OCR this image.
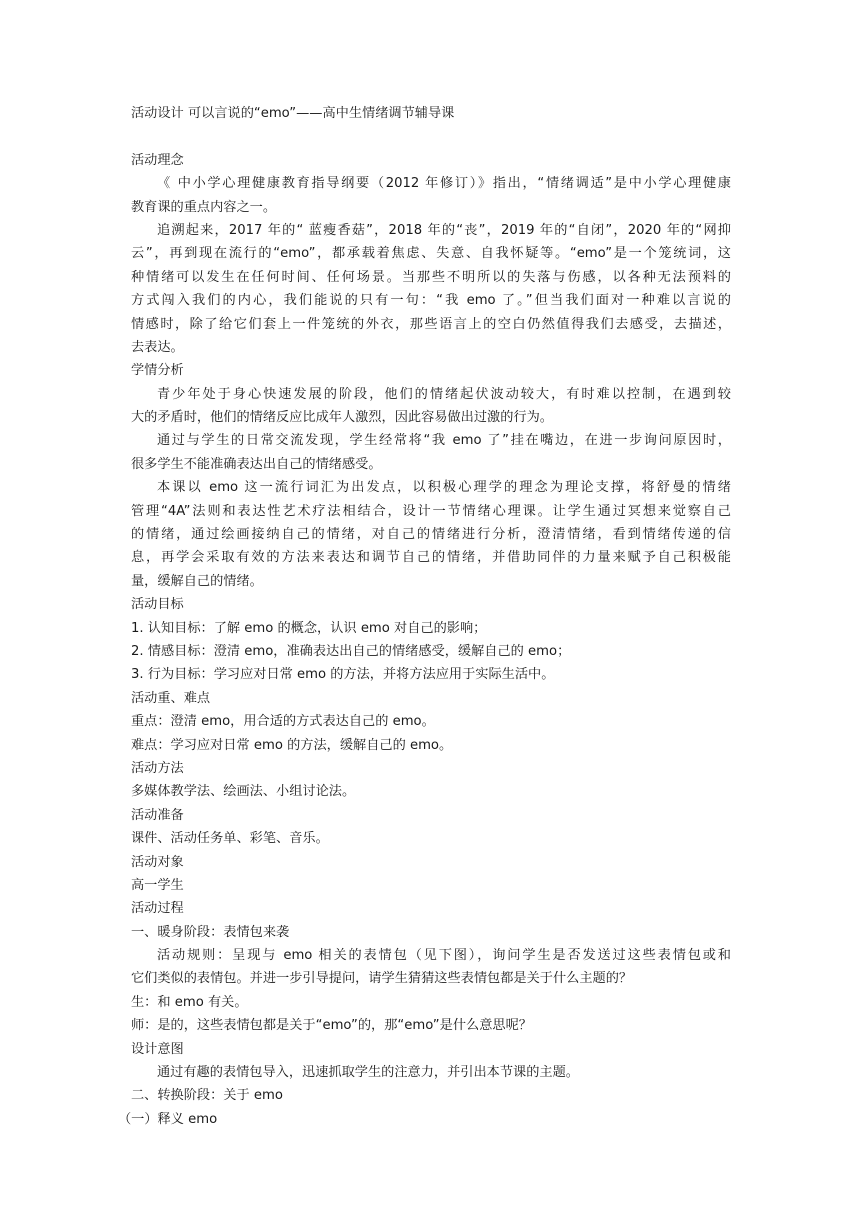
活动设计 可以言说的“emo”——高中生情绪调节辅导课
活动理念
《 中小学心理健康教育指导纲要（2012 年修订）》指出，“情绪调适”是中小学心理健康
教育课的重点内容之一。
追溯起来，2017 年的“ 蓝瘦香菇”，2018 年的“丧”，2019 年的“自闭”，2020 年的“网抑
云”，再到现在流行的“emo”，都承载着焦虑、失意、自我怀疑等。“emo”是一个笼统词，这
种情绪可以发生在任何时间、任何场景。当那些不明所以的失落与伤感，以各种无法预料的
方式闯入我们的内心，我们能说的只有一句：“我 emo 了。”但当我们面对一种难以言说的
情感时，除了给它们套上一件笼统的外衣，那些语言上的空白仍然值得我们去感受，去描述，
去表达。
学情分析
青少年处于身心快速发展的阶段，他们的情绪起伏波动较大，有时难以控制，在遇到较
大的矛盾时，他们的情绪反应比成年人激烈，因此容易做出过激的行为。
通过与学生的日常交流发现，学生经常将“我 emo 了”挂在嘴边，在进一步询问原因时，
很多学生不能准确表达出自己的情绪感受。
本课以 emo 这一流行词汇为出发点，以积极心理学的理念为理论支撑，将舒曼的情绪
管理“4A”法则和表达性艺术疗法相结合，设计一节情绪心理课。让学生通过冥想来觉察自己
的情绪，通过绘画接纳自己的情绪，对自己的情绪进行分析，澄清情绪，看到情绪传递的信
息，再学会采取有效的方法来表达和调节自己的情绪，并借助同伴的力量来赋予自己积极能
量，缓解自己的情绪。
活动目标
1. 认知目标：了解 emo 的概念，认识 emo 对自己的影响；
2. 情感目标：澄清 emo，准确表达出自己的情绪感受，缓解自己的 emo；
3. 行为目标：学习应对日常 emo 的方法，并将方法应用于实际生活中。
活动重、难点
重点：澄清 emo，用合适的方式表达自己的 emo。
难点：学习应对日常 emo 的方法，缓解自己的 emo。
活动方法
多媒体教学法、绘画法、小组讨论法。
活动准备
课件、活动任务单、彩笔、音乐。
活动对象
高一学生
活动过程
一、暖身阶段：表情包来袭
活动规则：呈现与 emo 相关的表情包（见下图），询问学生是否发送过这些表情包或和
它们类似的表情包。并进一步引导提问，请学生猜猜这些表情包都是关于什么主题的？
生：和 emo 有关。
师：是的，这些表情包都是关于“emo”的，那“emo”是什么意思呢？
设计意图
通过有趣的表情包导入，迅速抓取学生的注意力，并引出本节课的主题。
二、转换阶段：关于 emo
（一）释义 emo
